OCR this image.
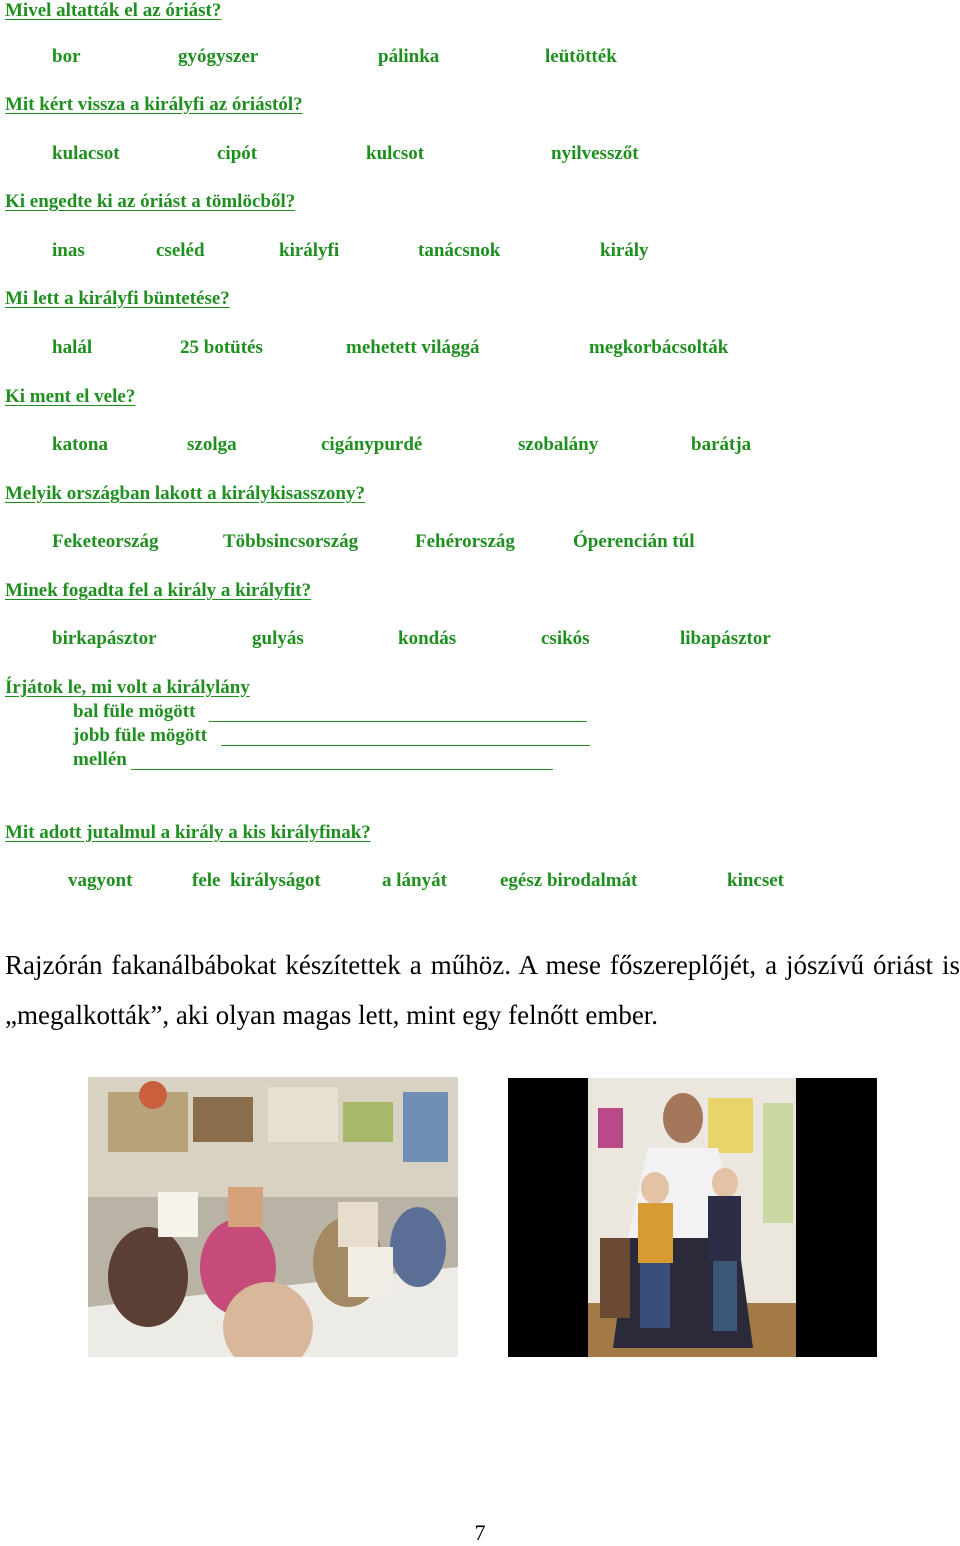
Mivel altatták el az óriást?
bor	gyógyszer	pálinka	leütötték
Mit kért vissza a királyfi az óriástól?
kulacsot	cipót	kulcsot	nyilvesszőt
Ki engedte ki az óriást a tömlöcből?
inas	cseléd	királyfi	tanácsnok	király
Mi lett a királyfi büntetése?
halál	25 botütés	mehetett világgá	megkorbácsolták
Ki ment el vele?
katona	szolga	cigánypurdé	szobalány	barátja
Melyik országban lakott a királykisasszony?
Feketeország	Többsincsország	Fehérország	Óperencián túl
Minek fogadta fel a király a királyfit?
birkapásztor	gulyás	kondás	csikós	libapásztor
Írjátok le, mi volt a királylány
bal füle mögött
jobb füle mögött
mellén
Mit adott jutalmul a király a kis királyfinak?
vagyont	fele  királyságot	a lányát	egész birodalmát	kincset
Rajzórán fakanálbábokat készítettek a műhöz. A mese főszereplőjét, a jószívű óriást is „megalkották”, aki olyan magas lett, mint egy felnőtt ember.
7
